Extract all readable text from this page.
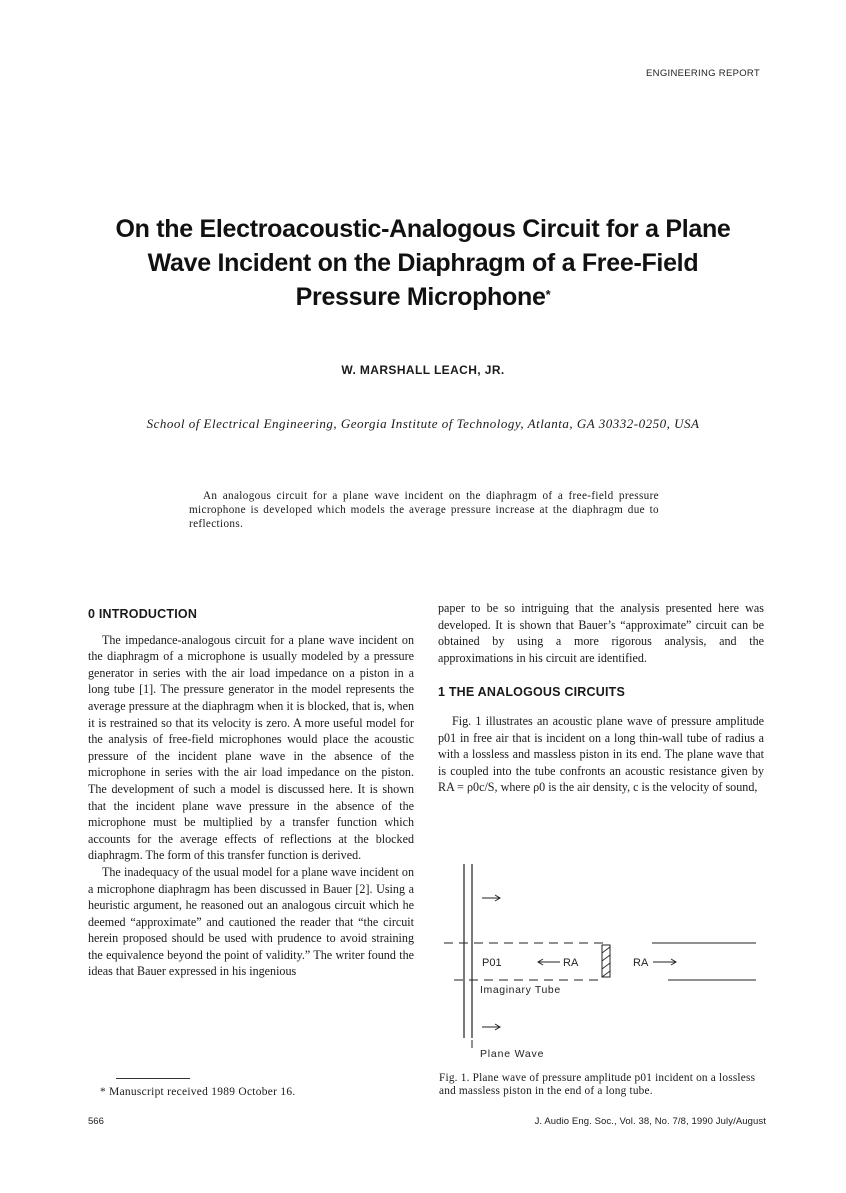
ENGINEERING REPORT
On the Electroacoustic-Analogous Circuit for a Plane
Wave Incident on the Diaphragm of a Free-Field
Pressure Microphone*
W. MARSHALL LEACH, JR.
School of Electrical Engineering, Georgia Institute of Technology, Atlanta, GA 30332-0250, USA

An analogous circuit for a plane wave incident on the diaphragm of a free-field pressure microphone is developed which models the average pressure increase at the diaphragm due to reflections.

0 INTRODUCTION

The impedance-analogous circuit for a plane wave incident on the diaphragm of a microphone is usually modeled by a pressure generator in series with the air load impedance on a piston in a long tube [1]. The pressure generator in the model represents the average pressure at the diaphragm when it is blocked, that is, when it is restrained so that its velocity is zero. A more useful model for the analysis of free-field microphones would place the acoustic pressure of the incident plane wave in the absence of the microphone in series with the air load impedance on the piston. The development of such a model is discussed here. It is shown that the incident plane wave pressure in the absence of the microphone must be multiplied by a transfer function which accounts for the average effects of reflections at the blocked diaphragm. The form of this transfer function is derived.

The inadequacy of the usual model for a plane wave incident on a microphone diaphragm has been discussed in Bauer [2]. Using a heuristic argument, he reasoned out an analogous circuit which he deemed “approximate” and cautioned the reader that “the circuit herein proposed should be used with prudence to avoid straining the equivalence beyond the point of validity.” The writer found the ideas that Bauer expressed in his ingenious

paper to be so intriguing that the analysis presented here was developed. It is shown that Bauer’s “approximate” circuit can be obtained by using a more rigorous analysis, and the approximations in his circuit are identified.

1 THE ANALOGOUS CIRCUITS

Fig. 1 illustrates an acoustic plane wave of pressure amplitude p01 in free air that is incident on a long thin-wall tube of radius a with a lossless and massless piston in its end. The plane wave that is coupled into the tube confronts an acoustic resistance given by RA = ρ0c/S, where ρ0 is the air density, c is the velocity of sound,

P01	RA	RA
Imaginary Tube
Plane Wave

Fig. 1. Plane wave of pressure amplitude p01 incident on a lossless and massless piston in the end of a long tube.

* Manuscript received 1989 October 16.
566	J. Audio Eng. Soc., Vol. 38, No. 7/8, 1990 July/August
